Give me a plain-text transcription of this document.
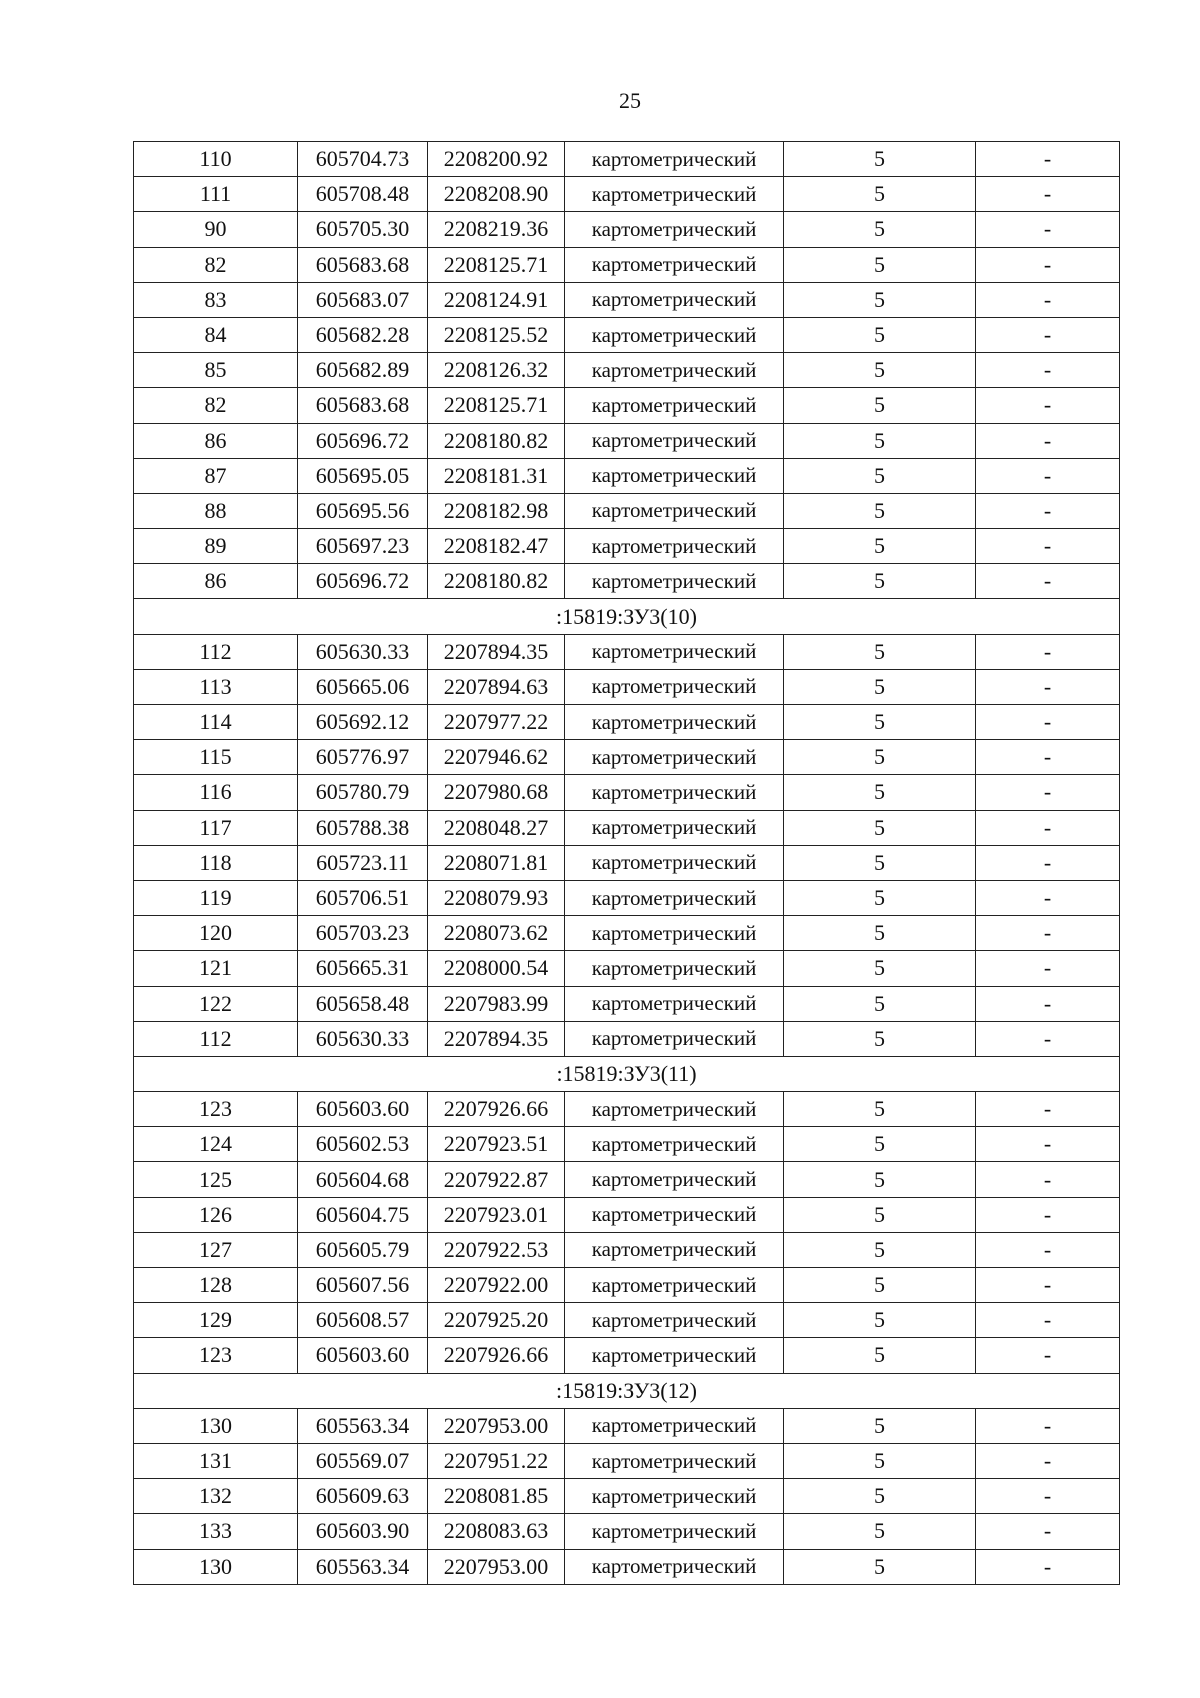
25
110	605704.73	2208200.92	картометрический	5	-
111	605708.48	2208208.90	картометрический	5	-
90	605705.30	2208219.36	картометрический	5	-
82	605683.68	2208125.71	картометрический	5	-
83	605683.07	2208124.91	картометрический	5	-
84	605682.28	2208125.52	картометрический	5	-
85	605682.89	2208126.32	картометрический	5	-
82	605683.68	2208125.71	картометрический	5	-
86	605696.72	2208180.82	картометрический	5	-
87	605695.05	2208181.31	картометрический	5	-
88	605695.56	2208182.98	картометрический	5	-
89	605697.23	2208182.47	картометрический	5	-
86	605696.72	2208180.82	картометрический	5	-
:15819:ЗУ3(10)					
112	605630.33	2207894.35	картометрический	5	-
113	605665.06	2207894.63	картометрический	5	-
114	605692.12	2207977.22	картометрический	5	-
115	605776.97	2207946.62	картометрический	5	-
116	605780.79	2207980.68	картометрический	5	-
117	605788.38	2208048.27	картометрический	5	-
118	605723.11	2208071.81	картометрический	5	-
119	605706.51	2208079.93	картометрический	5	-
120	605703.23	2208073.62	картометрический	5	-
121	605665.31	2208000.54	картометрический	5	-
122	605658.48	2207983.99	картометрический	5	-
112	605630.33	2207894.35	картометрический	5	-
:15819:ЗУ3(11)					
123	605603.60	2207926.66	картометрический	5	-
124	605602.53	2207923.51	картометрический	5	-
125	605604.68	2207922.87	картометрический	5	-
126	605604.75	2207923.01	картометрический	5	-
127	605605.79	2207922.53	картометрический	5	-
128	605607.56	2207922.00	картометрический	5	-
129	605608.57	2207925.20	картометрический	5	-
123	605603.60	2207926.66	картометрический	5	-
:15819:ЗУ3(12)					
130	605563.34	2207953.00	картометрический	5	-
131	605569.07	2207951.22	картометрический	5	-
132	605609.63	2208081.85	картометрический	5	-
133	605603.90	2208083.63	картометрический	5	-
130	605563.34	2207953.00	картометрический	5	-
